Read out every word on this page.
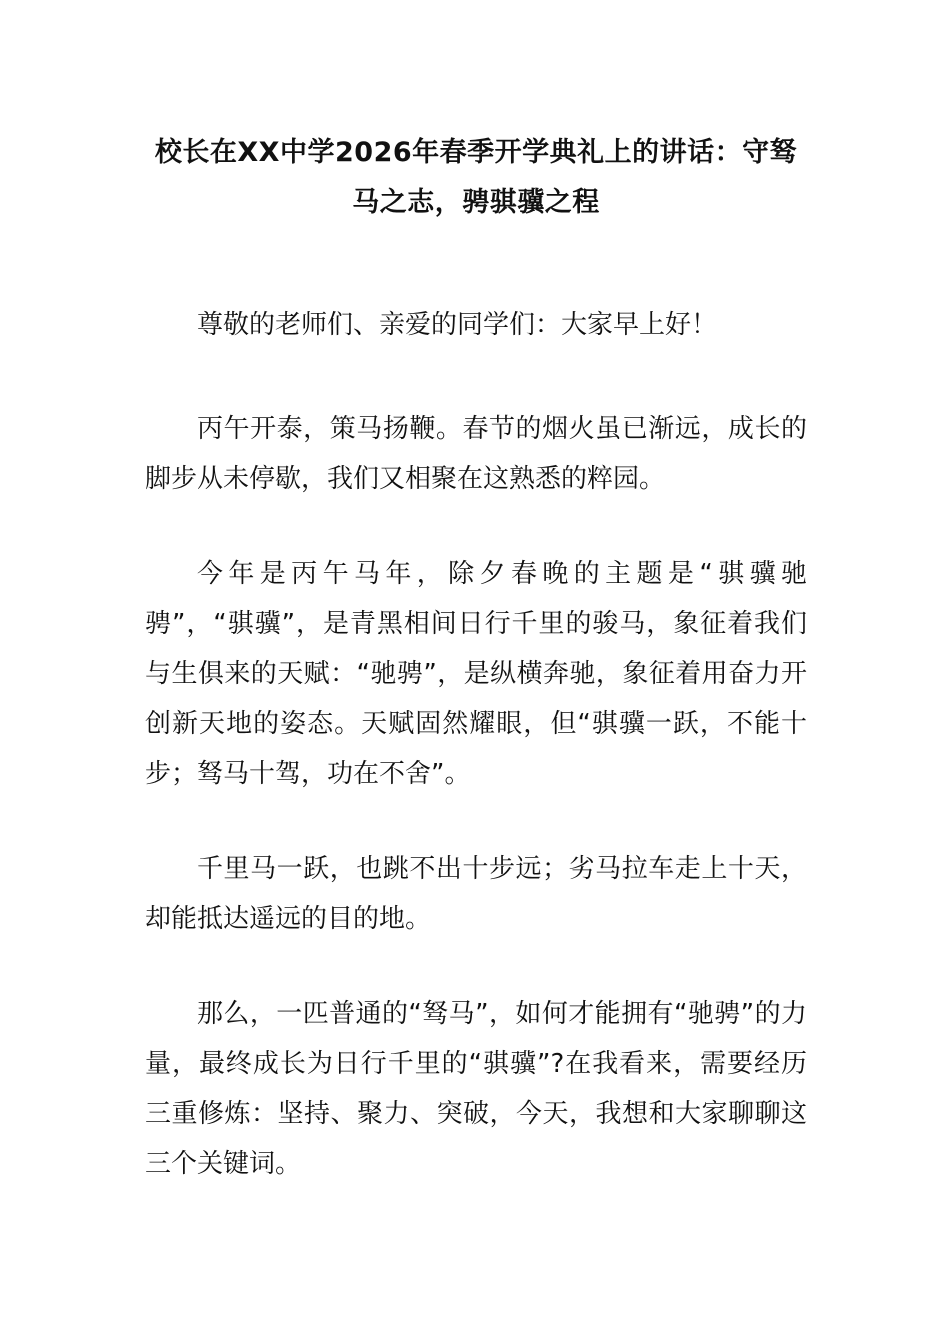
校长在XX中学2026年春季开学典礼上的讲话：守驽马之志，骋骐骥之程

尊敬的老师们、亲爱的同学们：大家早上好！

丙午开泰，策马扬鞭。春节的烟火虽已渐远，成长的脚步从未停歇，我们又相聚在这熟悉的粹园。

今年是丙午马年，除夕春晚的主题是“骐骥驰骋”，“骐骥”，是青黑相间日行千里的骏马，象征着我们与生俱来的天赋：“驰骋”，是纵横奔驰，象征着用奋力开创新天地的姿态。天赋固然耀眼，但“骐骥一跃，不能十步；驽马十驾，功在不舍”。

千里马一跃，也跳不出十步远；劣马拉车走上十天，却能抵达遥远的目的地。

那么，一匹普通的“驽马”，如何才能拥有“驰骋”的力量，最终成长为日行千里的“骐骥”?在我看来，需要经历三重修炼：坚持、聚力、突破，今天，我想和大家聊聊这三个关键词。
